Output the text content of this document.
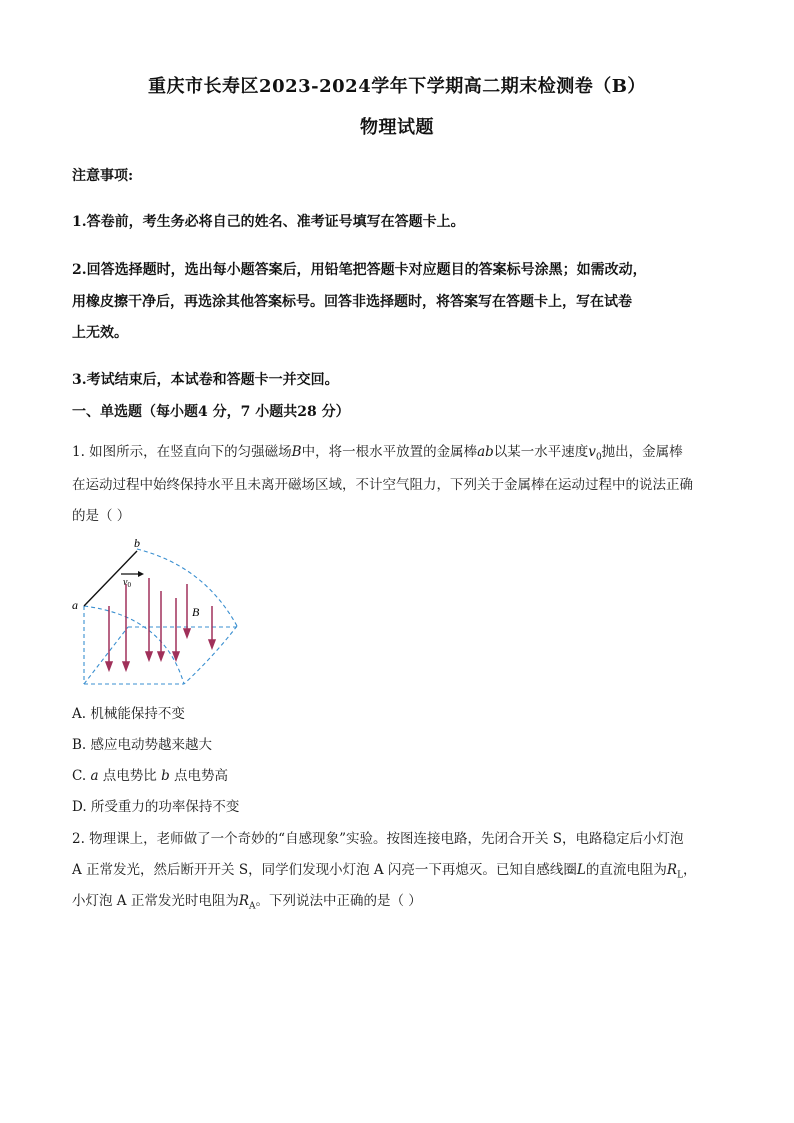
重庆市长寿区2023-2024学年下学期高二期末检测卷（B）
物理试题
注意事项:
1.答卷前，考生务必将自己的姓名、准考证号填写在答题卡上。
2.回答选择题时，选出每小题答案后，用铅笔把答题卡对应题目的答案标号涂黑；如需改动，
用橡皮擦干净后，再选涂其他答案标号。回答非选择题时，将答案写在答题卡上，写在试卷
上无效。
3.考试结束后，本试卷和答题卡一并交回。
一、单选题（每小题4 分，7 小题共28 分）
1. 如图所示，在竖直向下的匀强磁场B中，将一根水平放置的金属棒ab以某一水平速度$v_0$抛出，金属棒
在运动过程中始终保持水平且未离开磁场区域，不计空气阻力，下列关于金属棒在运动过程中的说法正确
的是（ ）
a
b
B
$v_0$
A. 机械能保持不变
B. 感应电动势越来越大
C. a 点电势比 b 点电势高
D. 所受重力的功率保持不变
2. 物理课上，老师做了一个奇妙的“自感现象”实验。按图连接电路，先闭合开关 S，电路稳定后小灯泡
A 正常发光，然后断开开关 S，同学们发现小灯泡 A 闪亮一下再熄灭。已知自感线圈L的直流电阻为$R_L$，
小灯泡 A 正常发光时电阻为$R_A$。下列说法中正确的是（ ）
